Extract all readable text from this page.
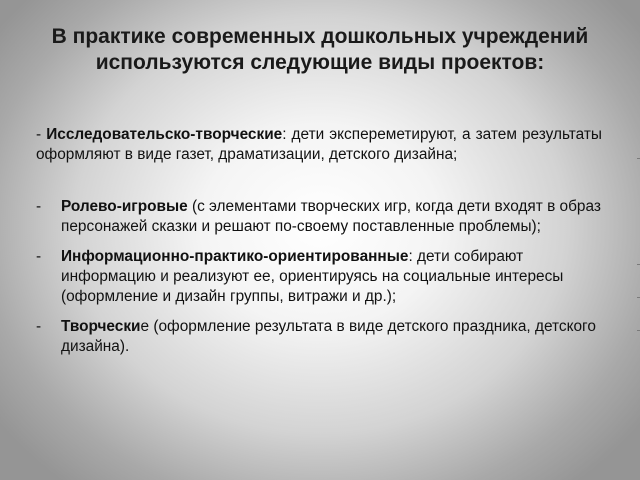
В практике современных дошкольных учреждений используются следующие виды проектов:

- Исследовательско-творческие: дети экспереметируют, а затем результаты оформляют в виде газет, драматизации, детского дизайна;

- Ролево-игровые (с элементами творческих игр, когда дети входят в образ персонажей сказки и решают по-своему поставленные проблемы);
- Информационно-практико-ориентированные: дети собирают информацию и реализуют ее, ориентируясь на социальные интересы (оформление и дизайн группы, витражи и др.);
- Творческие (оформление результата в виде детского праздника, детского дизайна).
